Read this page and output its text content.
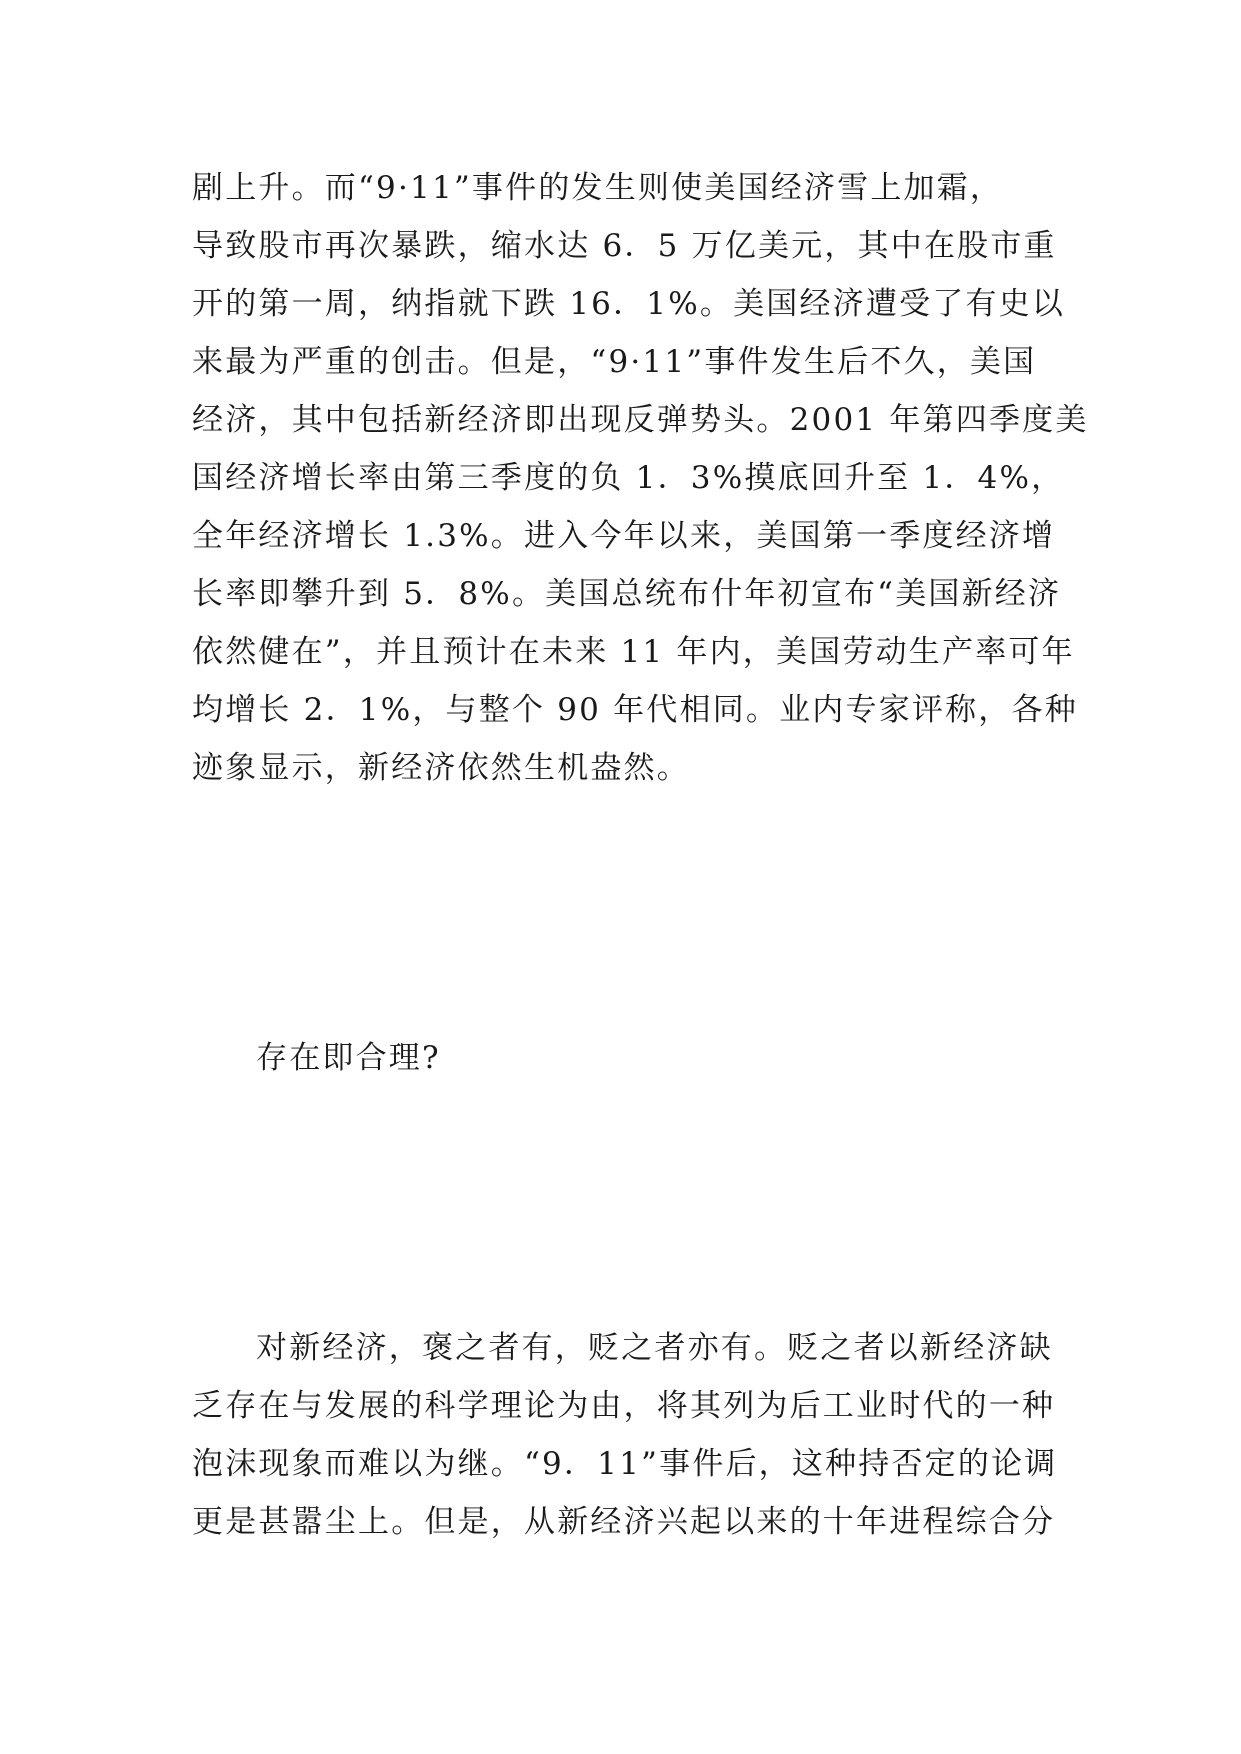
剧上升。而“9·11”事件的发生则使美国经济雪上加霜，
导致股市再次暴跌，缩水达 6．5 万亿美元，其中在股市重
开的第一周，纳指就下跌 16．1%。美国经济遭受了有史以
来最为严重的创击。但是，“9·11”事件发生后不久，美国
经济，其中包括新经济即出现反弹势头。2001 年第四季度美
国经济增长率由第三季度的负 1．3%摸底回升至 1．4%，
全年经济增长 1.3%。进入今年以来，美国第一季度经济增
长率即攀升到 5．8%。美国总统布什年初宣布“美国新经济
依然健在”，并且预计在未来 11 年内，美国劳动生产率可年
均增长 2．1%，与整个 90 年代相同。业内专家评称，各种
迹象显示，新经济依然生机盎然。
存在即合理?
对新经济，褒之者有，贬之者亦有。贬之者以新经济缺
乏存在与发展的科学理论为由，将其列为后工业时代的一种
泡沫现象而难以为继。“9．11”事件后，这种持否定的论调
更是甚嚣尘上。但是，从新经济兴起以来的十年进程综合分
